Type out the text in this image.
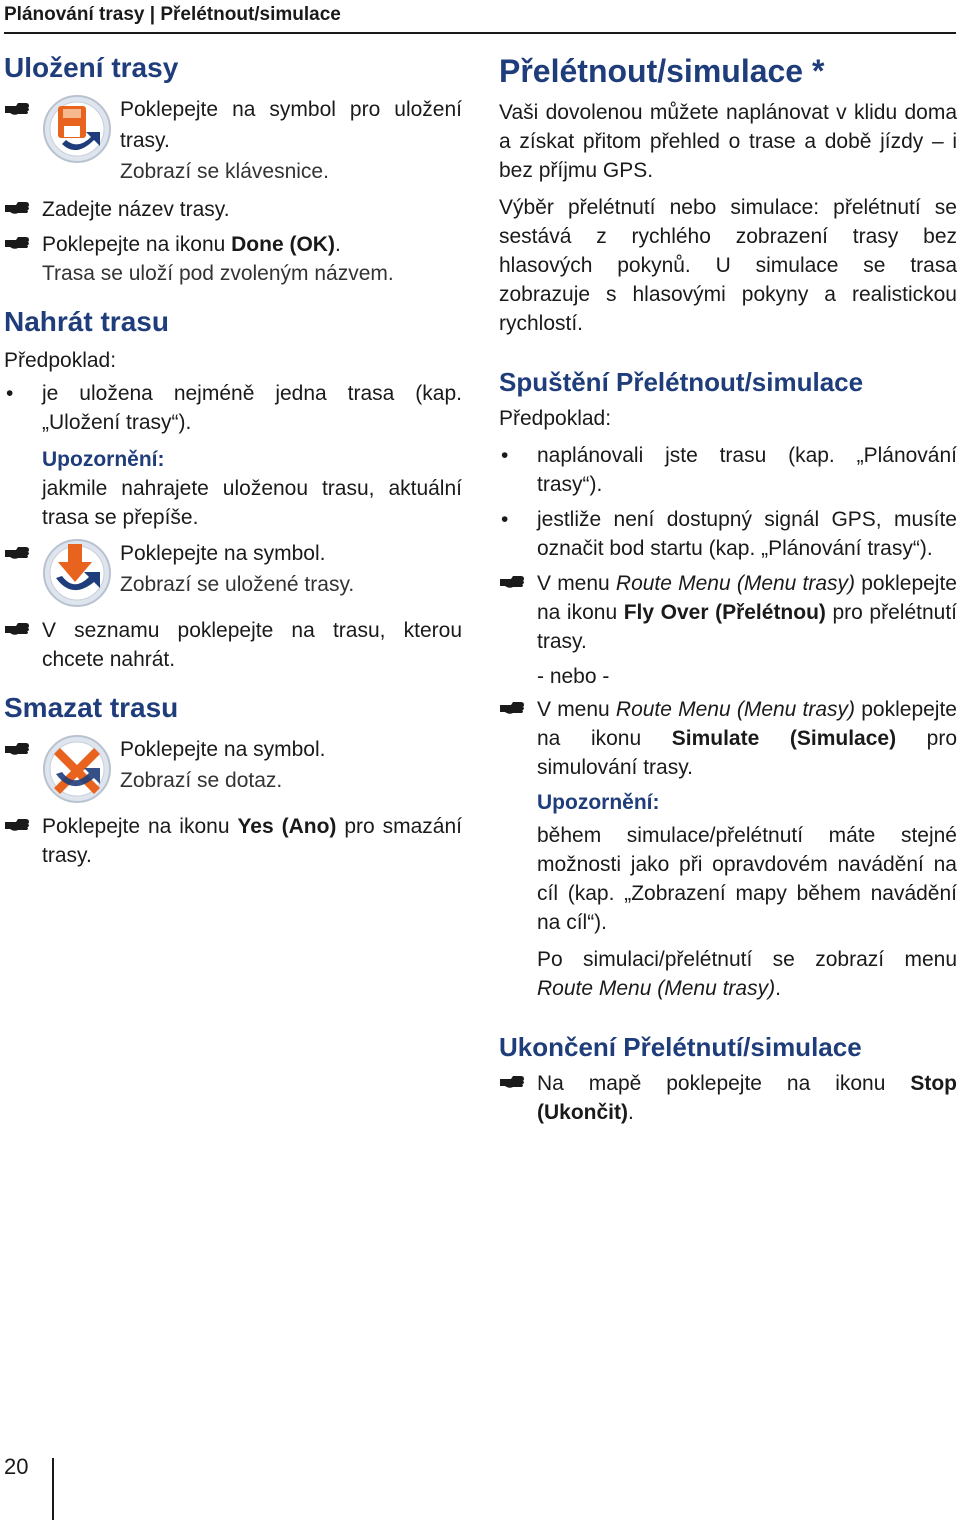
Plánování trasy | Přelétnout/simulace
Uložení trasy
Poklepejte na symbol pro uložení trasy.
Zobrazí se klávesnice.
Zadejte název trasy.
Poklepejte na ikonu Done (OK).
Trasa se uloží pod zvoleným názvem.
Nahrát trasu

Předpoklad:

• je uložena nejméně jedna trasa (kap. „Uložení trasy“).
Upozornění:

jakmile nahrajete uloženou trasu, aktuální trasa se přepíše.

Poklepejte na symbol.
Zobrazí se uložené trasy.
V seznamu poklepejte na trasu, kterou chcete nahrát.
Smazat trasu
Poklepejte na symbol.
Zobrazí se dotaz.
Poklepejte na ikonu Yes (Ano) pro smazání trasy.
Přelétnout/simulace *

Vaši dovolenou můžete naplánovat v klidu doma a získat přitom přehled o trase a době jízdy – i bez příjmu GPS.

Výběr přelétnutí nebo simulace: přelétnutí se sestává z rychlého zobrazení trasy bez hlasových pokynů. U simulace se trasa zobrazuje s hlasovými pokyny a realistickou rychlostí.

Spuštění Přelétnout/simulace

Předpoklad:

• naplánovali jste trasu (kap. „Plánování trasy“).
• jestliže není dostupný signál GPS, musíte označit bod startu (kap. „Plánování trasy“).
V menu Route Menu (Menu trasy) poklepejte na ikonu Fly Over (Přelétnou) pro přelétnutí trasy.
- nebo -
V menu Route Menu (Menu trasy) poklepejte na ikonu Simulate (Simulace) pro simulování trasy.
Upozornění:

během simulace/přelétnutí máte stejné možnosti jako při opravdovém navádění na cíl (kap. „Zobrazení mapy během navádění na cíl“).

Po simulaci/přelétnutí se zobrazí menu Route Menu (Menu trasy).

Ukončení Přelétnutí/simulace
Na mapě poklepejte na ikonu Stop (Ukončit).
20
